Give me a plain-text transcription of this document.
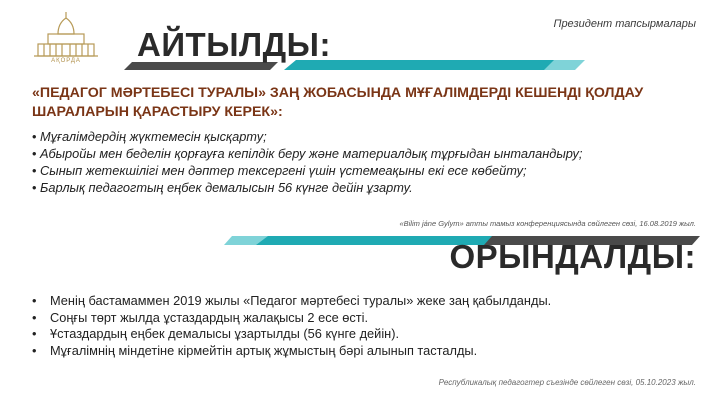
АҚОРДА
Президент тапсырмалары
АЙТЫЛДЫ:
«ПЕДАГОГ МӘРТЕБЕСІ ТУРАЛЫ» ЗАҢ ЖОБАСЫНДА МҰҒАЛІМДЕРДІ КЕШЕНДІ ҚОЛДАУ ШАРАЛАРЫН ҚАРАСТЫРУ КЕРЕК»:
• Мұғалімдердің жүктемесін қысқарту;
• Абыройы мен беделін қорғауға кепілдік беру және материалдық тұрғыдан ынталандыру;
• Сынып жетекшілігі мен дәптер тексергені үшін үстемеақыны екі есе көбейту;
• Барлық педагогтың еңбек демалысын 56 күнге дейін ұзарту.
«Bilim jáne Gylym» атты тамыз конференциясында сөйлеген сөзі, 16.08.2019 жыл.
ОРЫНДАЛДЫ:
• Менің бастамаммен 2019 жылы «Педагог мәртебесі туралы» жеке заң қабылданды.
• Соңғы төрт жылда ұстаздардың жалақысы 2 есе өсті.
• Ұстаздардың еңбек демалысы ұзартылды (56 күнге дейін).
• Мұғалімнің міндетіне кірмейтін артық жұмыстың бәрі алынып тасталды.
Республикалық педагогтер съезінде сөйлеген сөзі, 05.10.2023 жыл.
